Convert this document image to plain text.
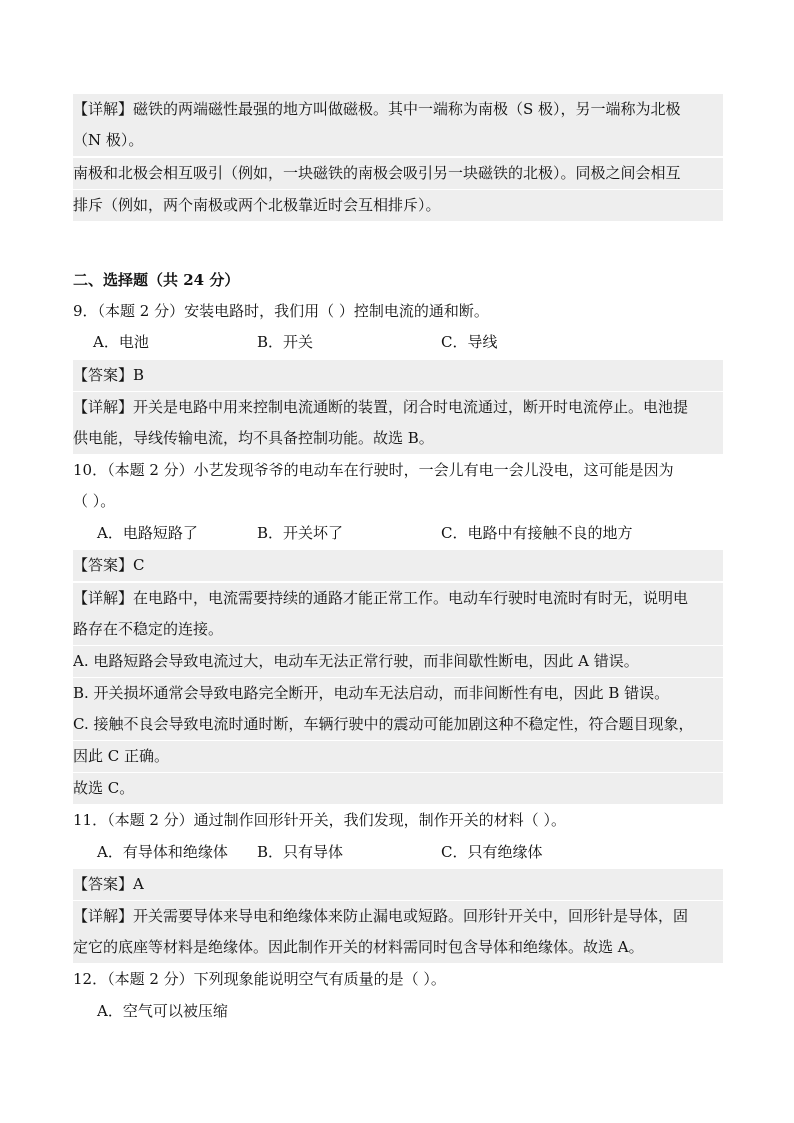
【详解】磁铁的两端磁性最强的地方叫做磁极。其中一端称为南极（S 极），另一端称为北极
（N 极）。
南极和北极会相互吸引（例如，一块磁铁的南极会吸引另一块磁铁的北极）。同极之间会相互
排斥（例如，两个南极或两个北极靠近时会互相排斥）。
二、选择题（共 24 分）
9．（本题 2 分）安装电路时，我们用（ ）控制电流的通和断。
A．电池	B．开关	C．导线
【答案】B
【详解】开关是电路中用来控制电流通断的装置，闭合时电流通过，断开时电流停止。电池提
供电能，导线传输电流，均不具备控制功能。故选 B。
10．（本题 2 分）小艺发现爷爷的电动车在行驶时，一会儿有电一会儿没电，这可能是因为
（ ）。
A．电路短路了	B．开关坏了	C．电路中有接触不良的地方
【答案】C
【详解】在电路中，电流需要持续的通路才能正常工作。电动车行驶时电流时有时无，说明电
路存在不稳定的连接。
A. 电路短路会导致电流过大，电动车无法正常行驶，而非间歇性断电，因此 A 错误。
B. 开关损坏通常会导致电路完全断开，电动车无法启动，而非间断性有电，因此 B 错误。
C. 接触不良会导致电流时通时断，车辆行驶中的震动可能加剧这种不稳定性，符合题目现象，
因此 C 正确。
故选 C。
11．（本题 2 分）通过制作回形针开关，我们发现，制作开关的材料（ ）。
A．有导体和绝缘体 B．只有导体	C．只有绝缘体
【答案】A
【详解】开关需要导体来导电和绝缘体来防止漏电或短路。回形针开关中，回形针是导体，固
定它的底座等材料是绝缘体。因此制作开关的材料需同时包含导体和绝缘体。故选 A。
12．（本题 2 分）下列现象能说明空气有质量的是（ ）。
A．空气可以被压缩
